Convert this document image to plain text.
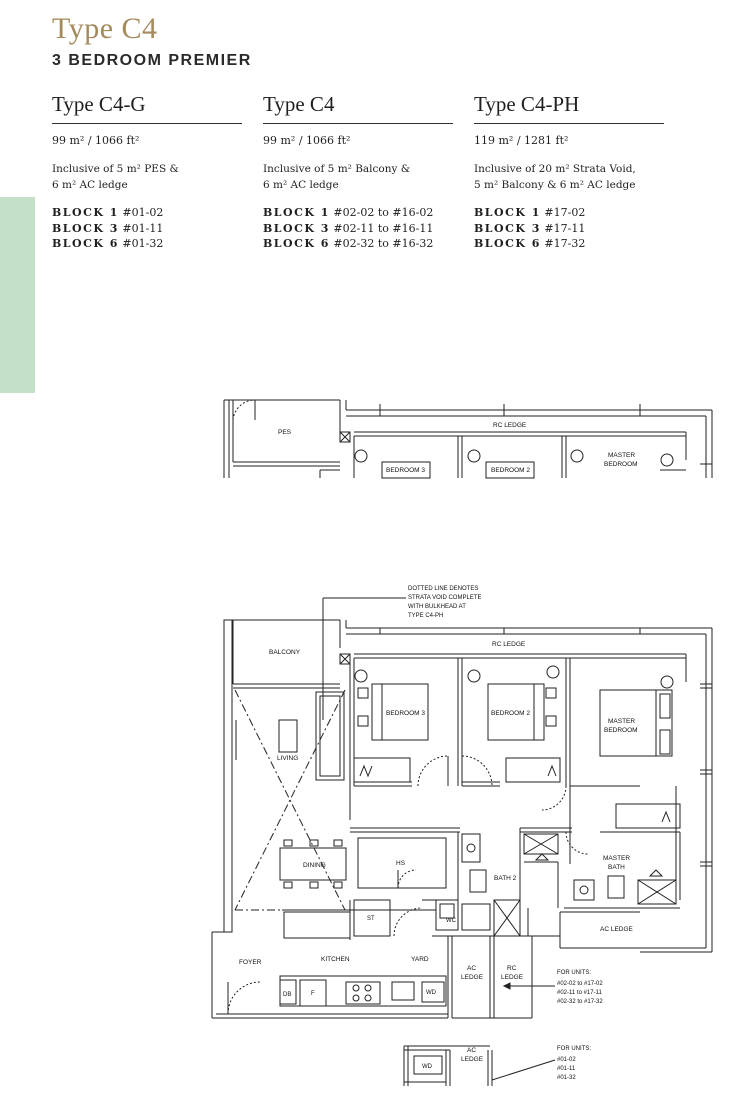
Type C4
3 BEDROOM PREMIER
Type C4-G
99 m² / 1066 ft²
Inclusive of 5 m² PES &
6 m² AC ledge
BLOCK 1 #01-02
BLOCK 3 #01-11
BLOCK 6 #01-32
Type C4
99 m² / 1066 ft²
Inclusive of 5 m² Balcony &
6 m² AC ledge
BLOCK 1 #02-02 to #16-02
BLOCK 3 #02-11 to #16-11
BLOCK 6 #02-32 to #16-32
Type C4-PH
119 m² / 1281 ft²
Inclusive of 20 m² Strata Void,
5 m² Balcony & 6 m² AC ledge
BLOCK 1 #17-02
BLOCK 3 #17-11
BLOCK 6 #17-32
PES
RC LEDGE
BEDROOM 3	BEDROOM 2
MASTER
BEDROOM
DOTTED LINE DENOTES
STRATA VOID COMPLETE
WITH BULKHEAD AT
TYPE C4-PH
BALCONY
RC LEDGE
BEDROOM 3	BEDROOM 2
MASTER
BEDROOM
LIVING
DINING	HS
BATH 2
MASTER
BATH
ST	WC
AC LEDGE
FOYER	KITCHEN	YARD
AC
LEDGE
RC
LEDGE
DB	F	WD
FOR UNITS:
#02-02 to #17-02
#02-11 to #17-11
#02-32 to #17-32
WD
AC
LEDGE
FOR UNITS:
#01-02
#01-11
#01-32
